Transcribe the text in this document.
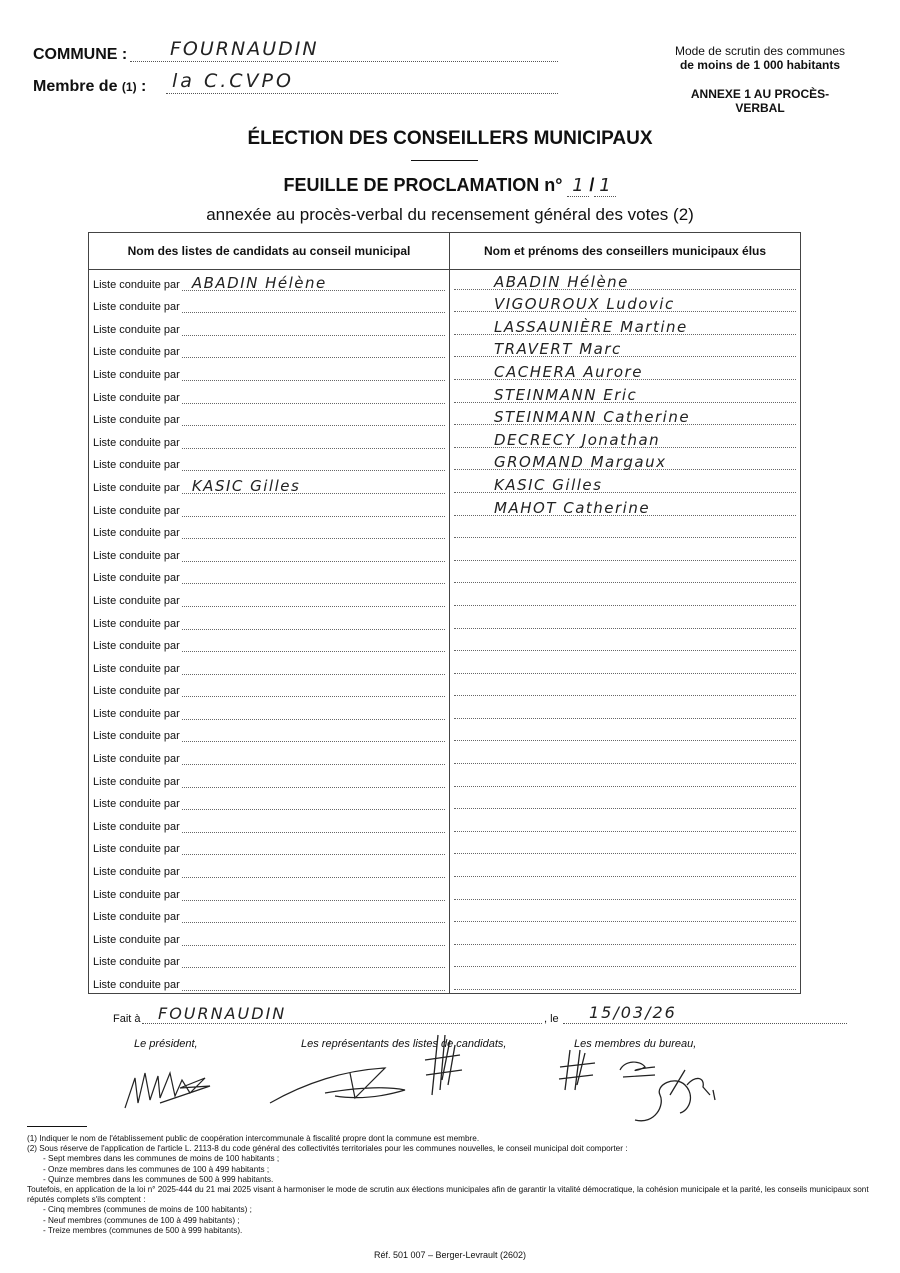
COMMUNE : FOURNAUDIN
Membre de (1) : la C.CVPO
Mode de scrutin des communes
de moins de 1 000 habitants
ANNEXE 1 AU PROCÈS-VERBAL
ÉLECTION DES CONSEILLERS MUNICIPAUX
FEUILLE DE PROCLAMATION n° 1 / 1
annexée au procès-verbal du recensement général des votes (2)
Nom des listes de candidats au conseil municipal	Nom et prénoms des conseillers municipaux élus

Liste conduite par ABADIN Hélène	ABADIN Hélène

Liste conduite par	VIGOUROUX Ludovic

Liste conduite par	LASSAUNIÈRE Martine

Liste conduite par	TRAVERT Marc

Liste conduite par	CACHERA Aurore

Liste conduite par	STEINMANN Eric

Liste conduite par	STEINMANN Catherine

Liste conduite par	DECRECY Jonathan

Liste conduite par	GROMAND Margaux

Liste conduite par KASIC Gilles	KASIC Gilles

Liste conduite par	MAHOT Catherine

Liste conduite par	

Liste conduite par	

Liste conduite par	

Liste conduite par	

Liste conduite par	

Liste conduite par	

Liste conduite par	

Liste conduite par	

Liste conduite par	

Liste conduite par	

Liste conduite par	

Liste conduite par	

Liste conduite par	

Liste conduite par	

Liste conduite par	

Liste conduite par	

Liste conduite par	

Liste conduite par	

Liste conduite par	

Liste conduite par	

Liste conduite par	

Fait à FOURNAUDIN	, le 15/03/26
Le président,	Les représentants des listes de candidats,	Les membres du bureau,
(1) Indiquer le nom de l'établissement public de coopération intercommunale à fiscalité propre dont la commune est membre.
(2) Sous réserve de l'application de l'article L. 2113-8 du code général des collectivités territoriales pour les communes nouvelles, le conseil municipal doit comporter :
- Sept membres dans les communes de moins de 100 habitants ;
- Onze membres dans les communes de 100 à 499 habitants ;
- Quinze membres dans les communes de 500 à 999 habitants.
Toutefois, en application de la loi n° 2025-444 du 21 mai 2025 visant à harmoniser le mode de scrutin aux élections municipales afin de garantir la vitalité démocratique, la cohésion municipale et la parité, les conseils municipaux sont réputés complets s'ils comptent :
- Cinq membres (communes de moins de 100 habitants) ;
- Neuf membres (communes de 100 à 499 habitants) ;
- Treize membres (communes de 500 à 999 habitants).
Réf. 501 007 – Berger-Levrault (2602)
